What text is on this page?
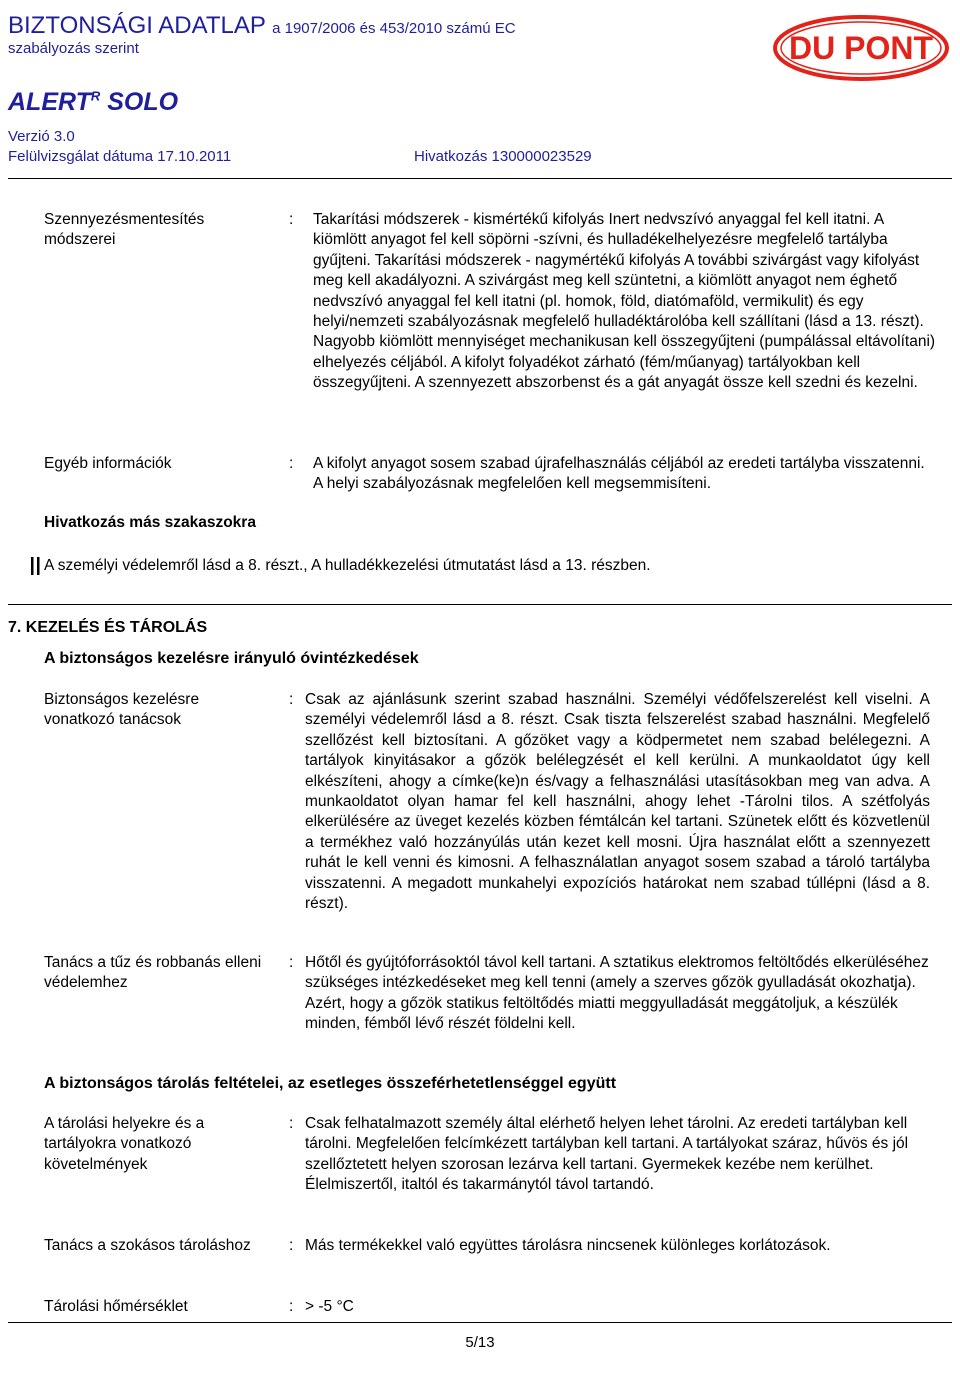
BIZTONSÁGI ADATLAP a 1907/2006 és 453/2010 számú EC
szabályozás szerint
$ALERT^R$ SOLO
Verzió 3.0
Felülvizsgálat dátuma 17.10.2011	Hivatkozás 130000023529
DU PONT
Szennyezésmentesítés módszerei
: Takarítási módszerek - kismértékű kifolyás Inert nedvszívó anyaggal fel kell itatni. A kiömlött anyagot fel kell söpörni -szívni, és hulladékelhelyezésre megfelelő tartályba gyűjteni. Takarítási módszerek - nagymértékű kifolyás A további szivárgást vagy kifolyást meg kell akadályozni. A szivárgást meg kell szüntetni, a kiömlött anyagot nem éghető nedvszívó anyaggal fel kell itatni (pl. homok, föld, diatómaföld, vermikulit) és egy helyi/nemzeti szabályozásnak megfelelő hulladéktárolóba kell szállítani (lásd a 13. részt). Nagyobb kiömlött mennyiséget mechanikusan kell összegyűjteni (pumpálással eltávolítani) elhelyezés céljából. A kifolyt folyadékot zárható (fém/műanyag) tartályokban kell összegyűjteni. A szennyezett abszorbenst és a gát anyagát össze kell szedni és kezelni.
Egyéb információk	: A kifolyt anyagot sosem szabad újrafelhasználás céljából az eredeti tartályba visszatenni. A helyi szabályozásnak megfelelően kell megsemmisíteni.
Hivatkozás más szakaszokra
A személyi védelemről lásd a 8. részt., A hulladékkezelési útmutatást lásd a 13. részben.
7. KEZELÉS ÉS TÁROLÁS
A biztonságos kezelésre irányuló óvintézkedések
Biztonságos kezelésre vonatkozó tanácsok
: Csak az ajánlásunk szerint szabad használni. Személyi védőfelszerelést kell viselni. A személyi védelemről lásd a 8. részt. Csak tiszta felszerelést szabad használni. Megfelelő szellőzést kell biztosítani. A gőzöket vagy a ködpermetet nem szabad belélegezni. A tartályok kinyitásakor a gőzök belélegzését el kell kerülni. A munkaoldatot úgy kell elkészíteni, ahogy a címke(ke)n és/vagy a felhasználási utasításokban meg van adva. A munkaoldatot olyan hamar fel kell használni, ahogy lehet -Tárolni tilos. A szétfolyás elkerülésére az üveget kezelés közben fémtálcán kel tartani. Szünetek előtt és közvetlenül a termékhez való hozzányúlás után kezet kell mosni. Újra használat előtt a szennyezett ruhát le kell venni és kimosni. A felhasználatlan anyagot sosem szabad a tároló tartályba visszatenni. A megadott munkahelyi expozíciós határokat nem szabad túllépni (lásd a 8. részt).
Tanács a tűz és robbanás elleni védelemhez
: Hőtől és gyújtóforrásoktól távol kell tartani. A sztatikus elektromos feltöltődés elkerüléséhez szükséges intézkedéseket meg kell tenni (amely a szerves gőzök gyulladását okozhatja). Azért, hogy a gőzök statikus feltöltődés miatti meggyulladását meggátoljuk, a készülék minden, fémből lévő részét földelni kell.
A biztonságos tárolás feltételei, az esetleges összeférhetetlenséggel együtt
A tárolási helyekre és a tartályokra vonatkozó követelmények
: Csak felhatalmazott személy által elérhető helyen lehet tárolni. Az eredeti tartályban kell tárolni. Megfelelően felcímkézett tartályban kell tartani. A tartályokat száraz, hűvös és jól szellőztetett helyen szorosan lezárva kell tartani. Gyermekek kezébe nem kerülhet. Élelmiszertől, italtól és takarmánytól távol tartandó.
Tanács a szokásos tároláshoz	: Más termékekkel való együttes tárolásra nincsenek különleges korlátozások.
Tárolási hőmérséklet	: > -5 °C
5/13
